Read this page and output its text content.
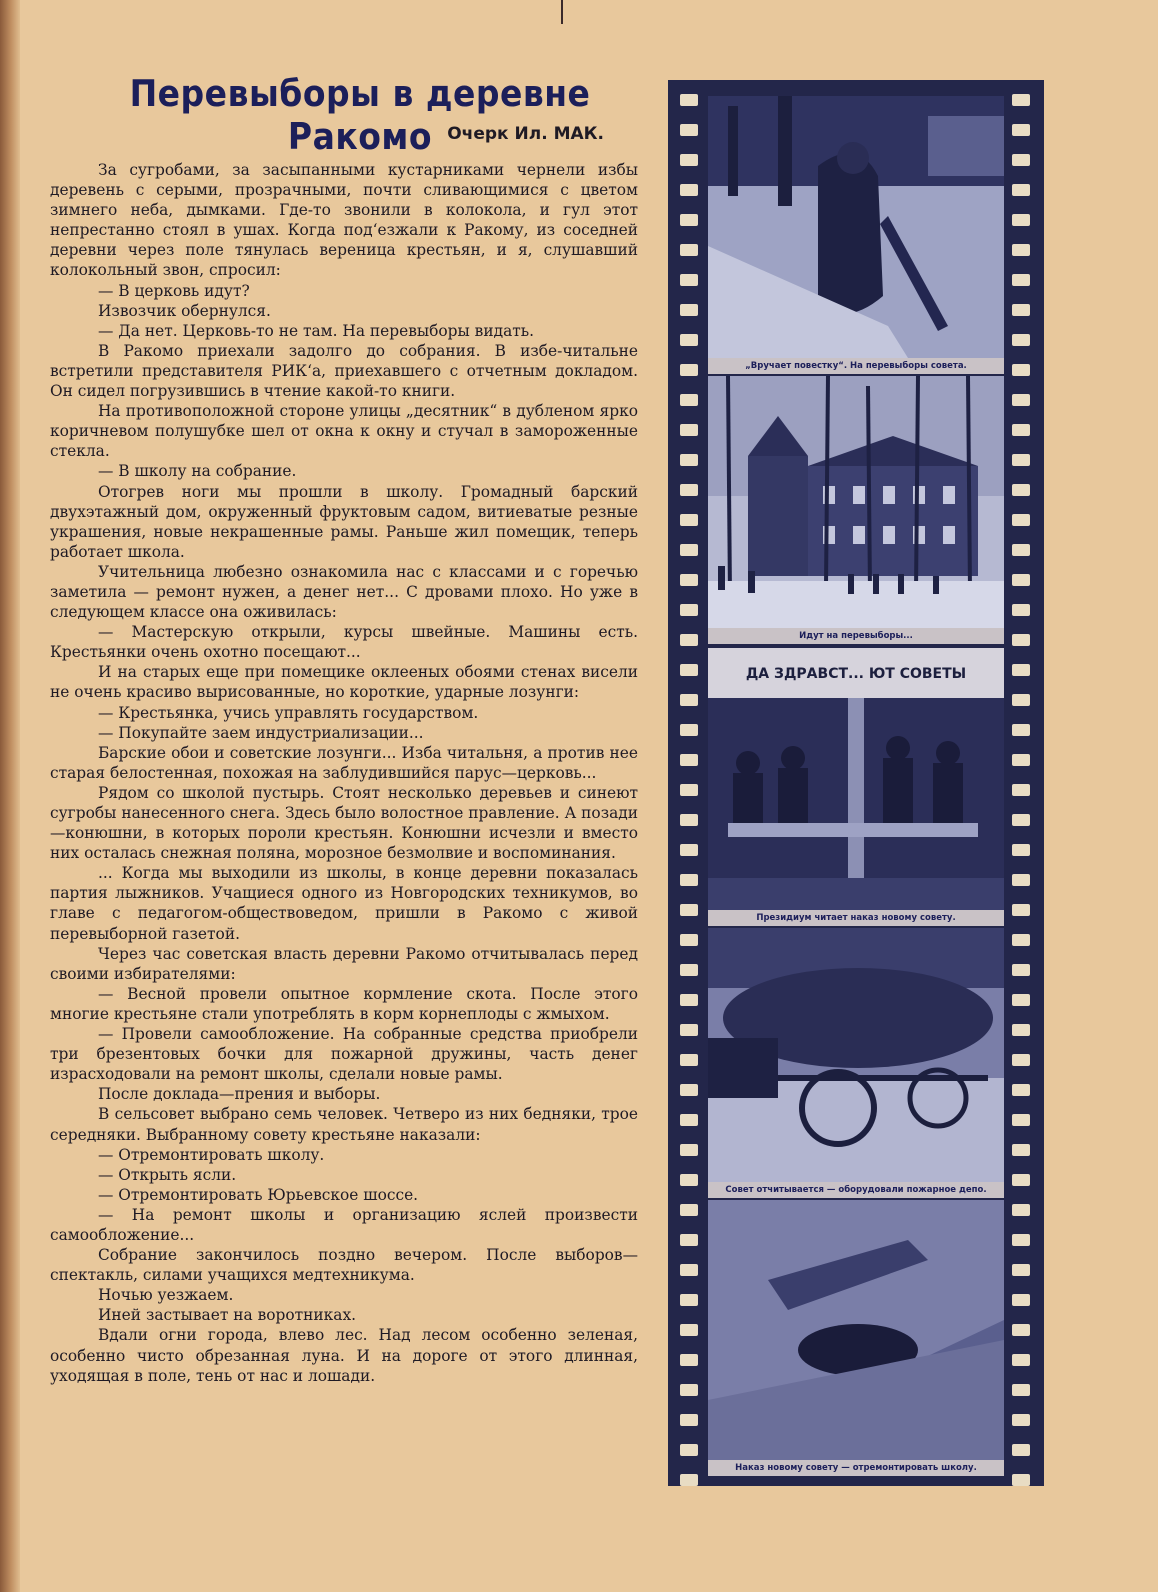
Перевыборы в деревне Ракомо Очерк Ил. МАК.

За сугробами, за засыпанными кустарниками чернели избы деревень с серыми, прозрачными, почти сливающимися с цветом зимнего неба, дымками. Где-то звонили в колокола, и гул этот непрестанно стоял в ушах. Когда под‘езжали к Ракому, из соседней деревни через поле тянулась вереница крестьян, и я, слушавший колокольный звон, спросил:

— В церковь идут?

Извозчик обернулся.

— Да нет. Церковь-то не там. На перевыборы видать.

В Ракомо приехали задолго до собрания. В избе-читальне встретили представителя РИК‘а, приехавшего с отчетным докладом. Он сидел погрузившись в чтение какой-то книги.

На противоположной стороне улицы „десятник“ в дубленом ярко коричневом полушубке шел от окна к окну и стучал в замороженные стекла.

— В школу на собрание.

Отогрев ноги мы прошли в школу. Громадный барский двухэтажный дом, окруженный фруктовым садом, витиеватые резные украшения, новые некрашенные рамы. Раньше жил помещик, теперь работает школа.

Учительница любезно ознакомила нас с классами и с горечью заметила — ремонт нужен, а денег нет... С дровами плохо. Но уже в следующем классе она оживилась:

— Мастерскую открыли, курсы швейные. Машины есть. Крестьянки очень охотно посещают...

И на старых еще при помещике оклееных обоями стенах висели не очень красиво вырисованные, но короткие, ударные лозунги:

— Крестьянка, учись управлять государством.

— Покупайте заем индустриализации...

Барские обои и советские лозунги... Изба читальня, а против нее старая белостенная, похожая на заблудившийся парус—церковь...

Рядом со школой пустырь. Стоят несколько деревьев и синеют сугробы нанесенного снега. Здесь было волостное правление. А позади—конюшни, в которых пороли крестьян. Конюшни исчезли и вместо них осталась снежная поляна, морозное безмолвие и воспоминания.

... Когда мы выходили из школы, в конце деревни показалась партия лыжников. Учащиеся одного из Новгородских техникумов, во главе с педагогом-обществоведом, пришли в Ракомо с живой перевыборной газетой.

Через час советская власть деревни Ракомо отчитывалась перед своими избирателями:

— Весной провели опытное кормление скота. После этого многие крестьяне стали употреблять в корм корнеплоды с жмыхом.

— Провели самообложение. На собранные средства приобрели три брезентовых бочки для пожарной дружины, часть денег израсходовали на ремонт школы, сделали новые рамы.

После доклада—прения и выборы.

В сельсовет выбрано семь человек. Четверо из них бедняки, трое середняки. Выбранному совету крестьяне наказали:

— Отремонтировать школу.

— Открыть ясли.

— Отремонтировать Юрьевское шоссе.

— На ремонт школы и организацию яслей произвести самообложение...

Собрание закончилось поздно вечером. После выборов—спектакль, силами учащихся медтехникума.

Ночью уезжаем.

Иней застывает на воротниках.

Вдали огни города, влево лес. Над лесом особенно зеленая, особенно чисто обрезанная луна. И на дороге от этого длинная, уходящая в поле, тень от нас и лошади.

„Вручает повестку“. На перевыборы совета.
Идут на перевыборы...
ДА ЗДРАВСТ... ЮТ СОВЕТЫ
Президиум читает наказ новому совету.
Совет отчитывается — оборудовали пожарное депо.
Наказ новому совету — отремонтировать школу.
